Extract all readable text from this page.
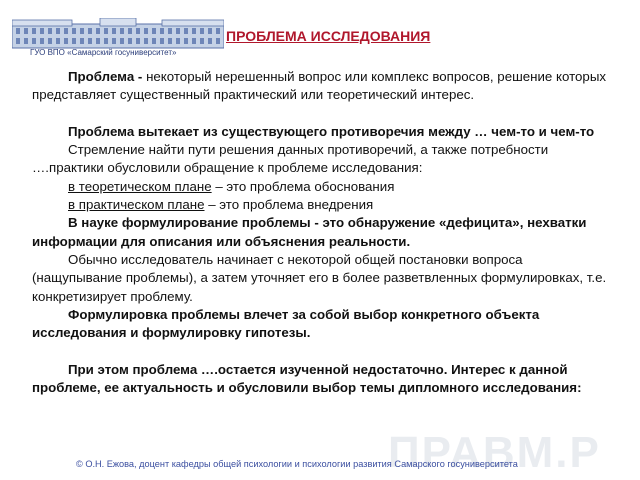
ГУО ВПО «Самарский госуниверситет»
ПРОБЛЕМА ИССЛЕДОВАНИЯ

Проблема - некоторый нерешенный вопрос или комплекс вопросов, решение которых представляет существенный практический или теоретический интерес.

Проблема вытекает из существующего противоречия между … чем-то и чем-то

Стремление найти пути решения данных противоречий, а также потребности ….практики обусловили обращение к проблеме исследования:

в теоретическом плане – это проблема обоснования

в практическом плане – это проблема внедрения

В науке формулирование проблемы - это обнаружение «дефицита», нехватки информации для описания или объяснения реальности.

Обычно исследователь начинает с некоторой общей постановки вопроса (нащупывание проблемы), а затем уточняет его в более разветвленных формулировках, т.е. конкретизирует проблему.

Формулировка проблемы влечет за собой выбор конкретного объекта исследования и формулировку гипотезы.

При этом проблема ….остается изученной недостаточно. Интерес к данной проблеме, ее актуальность и обусловили выбор темы дипломного исследования:

ПРАВМ.Р
© О.Н. Ежова, доцент кафедры общей психологии и психологии развития Самарского госуниверситета
